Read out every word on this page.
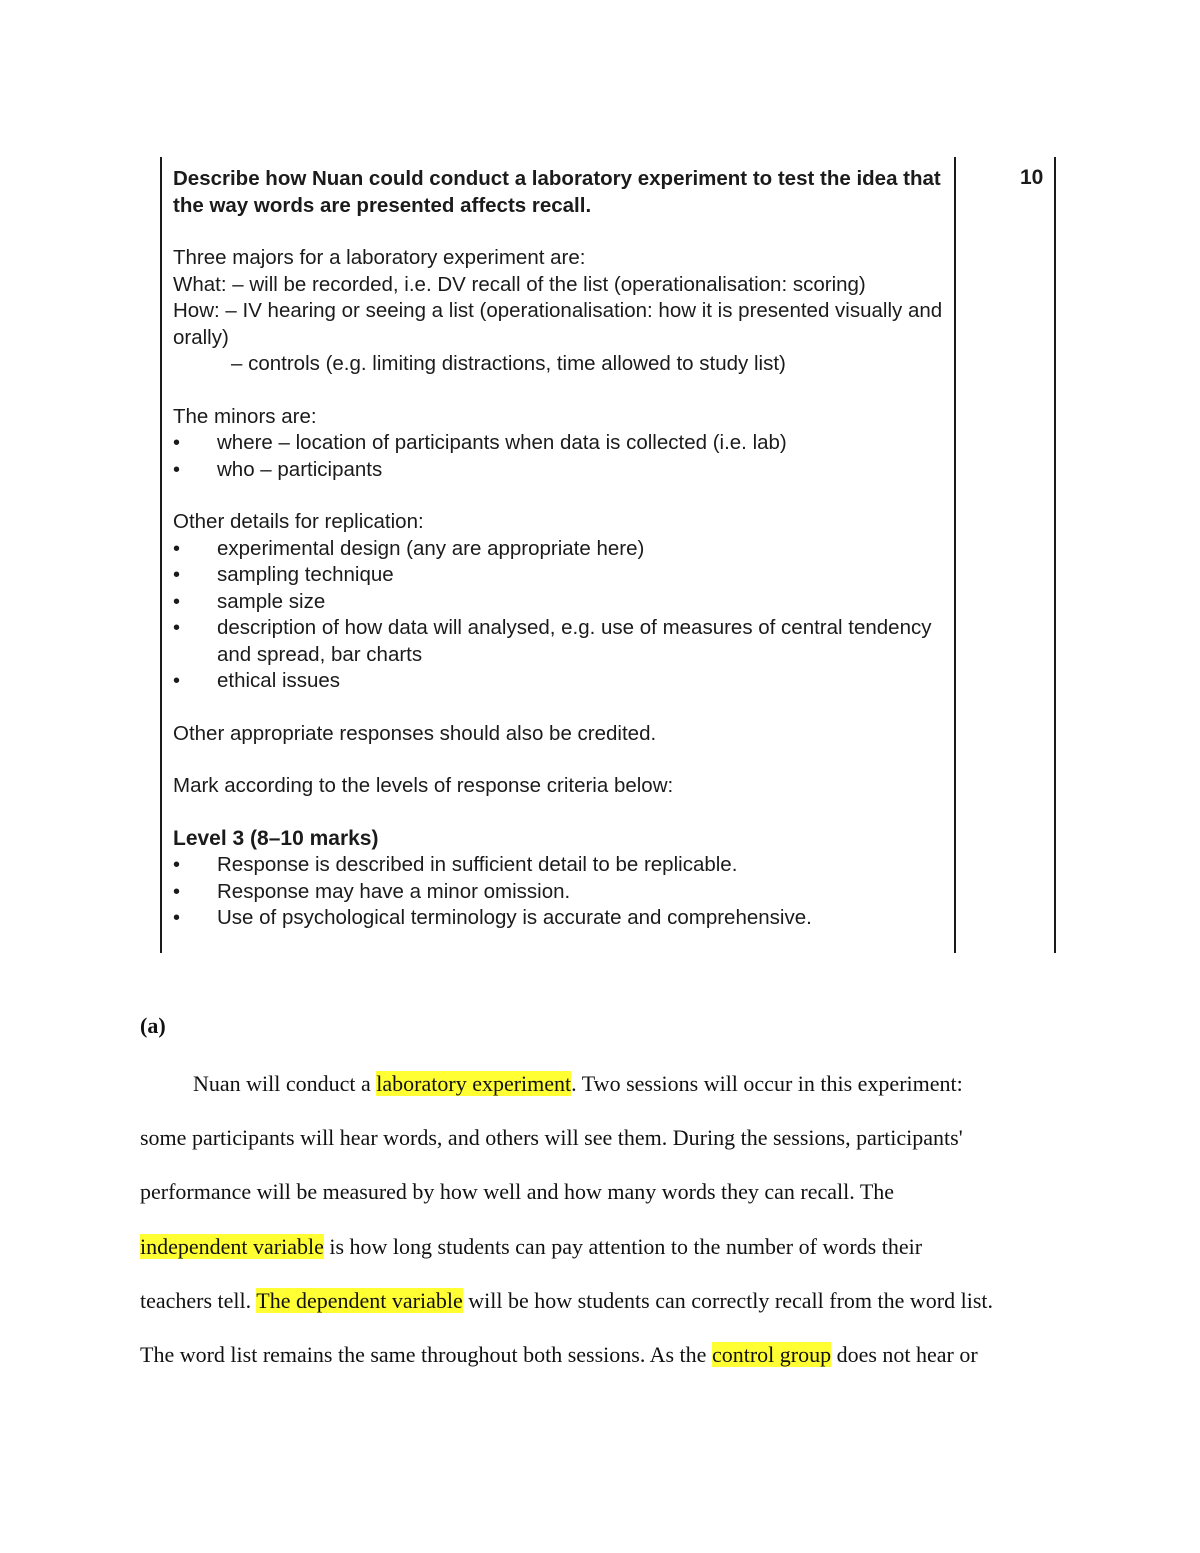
10

Describe how Nuan could conduct a laboratory experiment to test the idea that the way words are presented affects recall.

Three majors for a laboratory experiment are:

What: – will be recorded, i.e. DV recall of the list (operationalisation: scoring)

How: – IV hearing or seeing a list (operationalisation: how it is presented visually and orally)

– controls (e.g. limiting distractions, time allowed to study list)

The minors are:

• where – location of participants when data is collected (i.e. lab)
• who – participants

Other details for replication:

• experimental design (any are appropriate here)
• sampling technique
• sample size
• description of how data will analysed, e.g. use of measures of central tendency and spread, bar charts
• ethical issues

Other appropriate responses should also be credited.

Mark according to the levels of response criteria below:

Level 3 (8–10 marks)

• Response is described in sufficient detail to be replicable.
• Response may have a minor omission.
• Use of psychological terminology is accurate and comprehensive.

(a)

Nuan will conduct a laboratory experiment. Two sessions will occur in this experiment:
some participants will hear words, and others will see them. During the sessions, participants'
performance will be measured by how well and how many words they can recall. The
independent variable is how long students can pay attention to the number of words their
teachers tell. The dependent variable will be how students can correctly recall from the word list.
The word list remains the same throughout both sessions. As the control group does not hear or
